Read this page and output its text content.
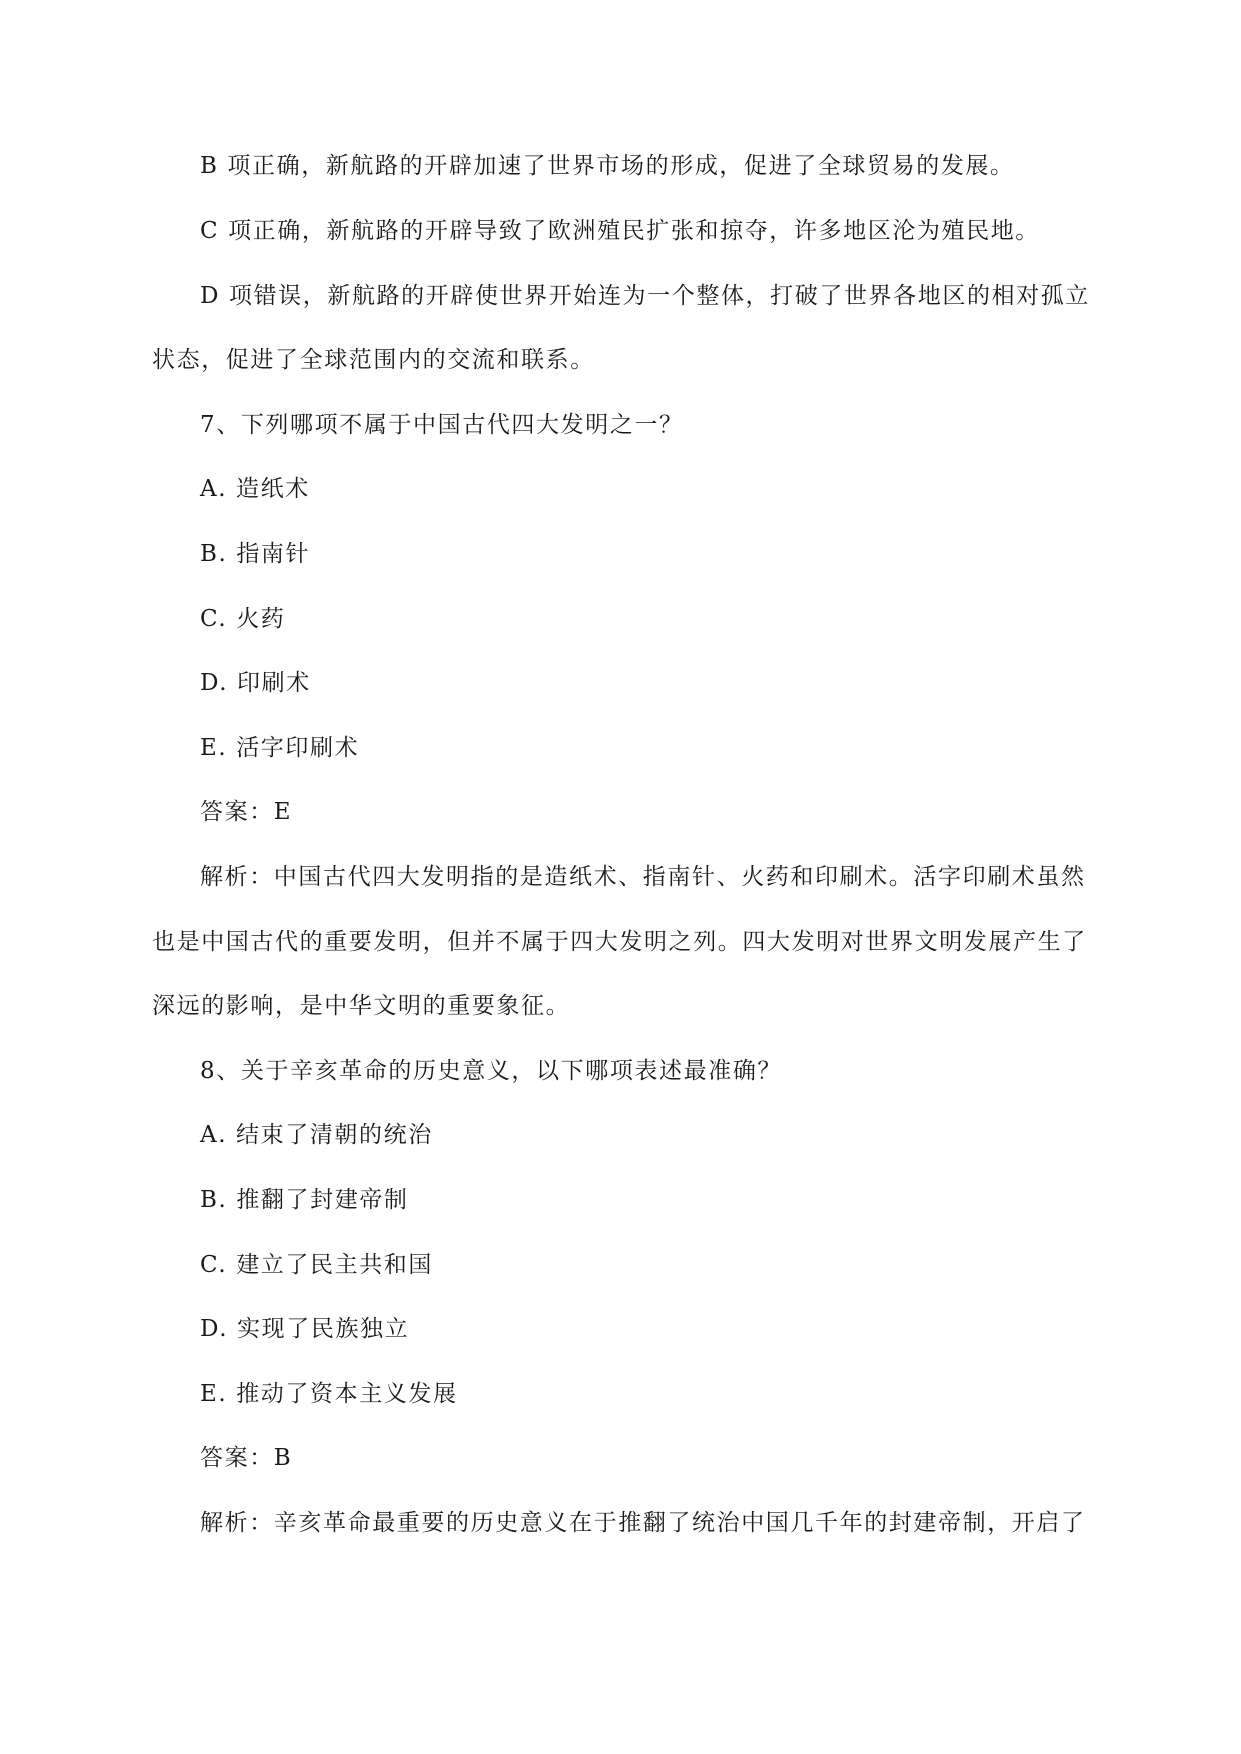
B 项正确，新航路的开辟加速了世界市场的形成，促进了全球贸易的发展。
C 项正确，新航路的开辟导致了欧洲殖民扩张和掠夺，许多地区沦为殖民地。
D 项错误，新航路的开辟使世界开始连为一个整体，打破了世界各地区的相对孤立
状态，促进了全球范围内的交流和联系。
7、下列哪项不属于中国古代四大发明之一？
A. 造纸术
B. 指南针
C. 火药
D. 印刷术
E. 活字印刷术
答案：E
解析：中国古代四大发明指的是造纸术、指南针、火药和印刷术。活字印刷术虽然
也是中国古代的重要发明，但并不属于四大发明之列。四大发明对世界文明发展产生了
深远的影响，是中华文明的重要象征。
8、关于辛亥革命的历史意义，以下哪项表述最准确？
A. 结束了清朝的统治
B. 推翻了封建帝制
C. 建立了民主共和国
D. 实现了民族独立
E. 推动了资本主义发展
答案：B
解析：辛亥革命最重要的历史意义在于推翻了统治中国几千年的封建帝制，开启了
